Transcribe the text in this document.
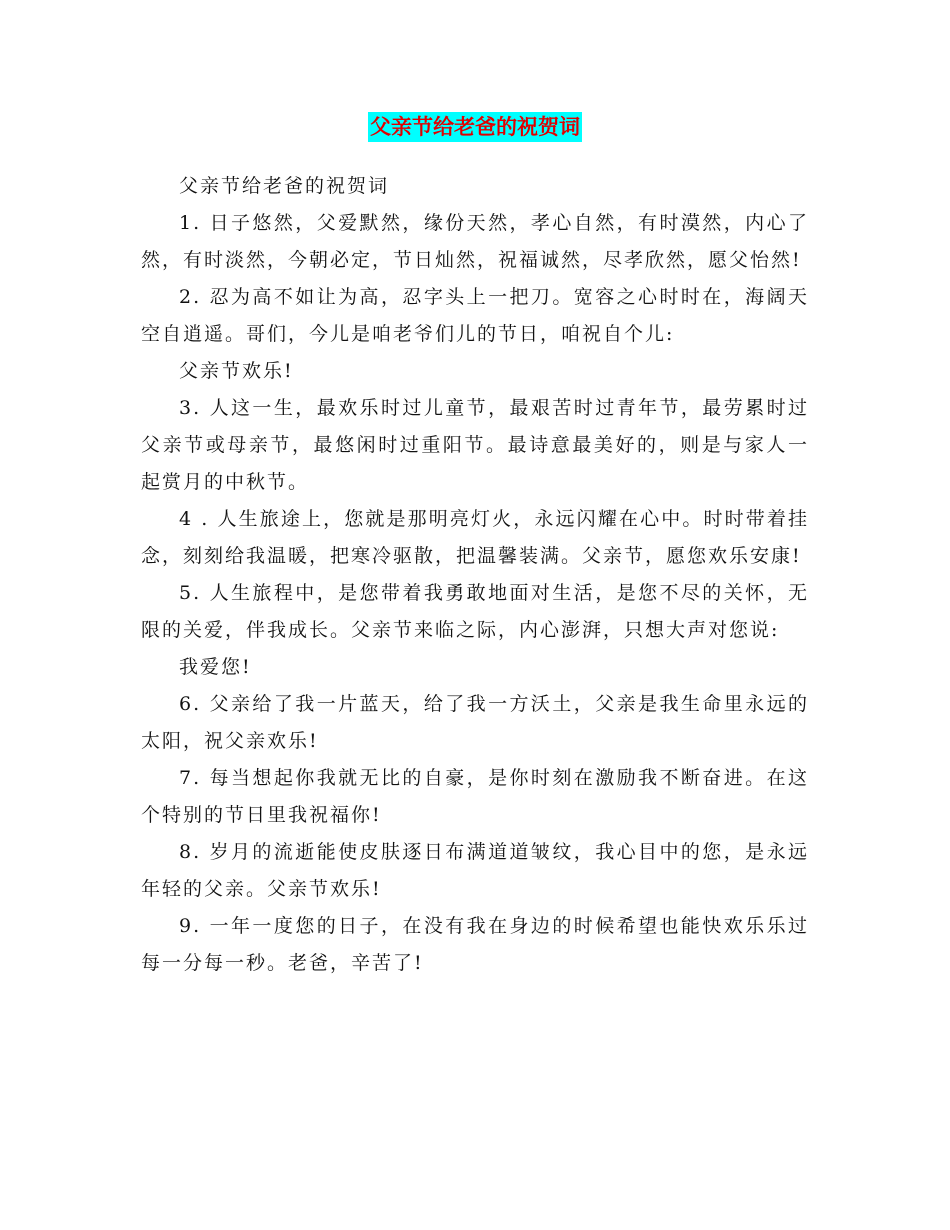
父亲节给老爸的祝贺词

父亲节给老爸的祝贺词

1. 日子悠然，父爱默然，缘份天然，孝心自然，有时漠然，内心了然，有时淡然，今朝必定，节日灿然，祝福诚然，尽孝欣然，愿父怡然!

2. 忍为高不如让为高，忍字头上一把刀。宽容之心时时在，海阔天空自逍遥。哥们，今儿是咱老爷们儿的节日，咱祝自个儿:

父亲节欢乐!

3. 人这一生，最欢乐时过儿童节，最艰苦时过青年节，最劳累时过父亲节或母亲节，最悠闲时过重阳节。最诗意最美好的，则是与家人一起赏月的中秋节。

4 . 人生旅途上，您就是那明亮灯火，永远闪耀在心中。时时带着挂念，刻刻给我温暖，把寒冷驱散，把温馨装满。父亲节，愿您欢乐安康!

5. 人生旅程中，是您带着我勇敢地面对生活，是您不尽的关怀，无限的关爱，伴我成长。父亲节来临之际，内心澎湃，只想大声对您说:

我爱您!

6. 父亲给了我一片蓝天，给了我一方沃土，父亲是我生命里永远的太阳，祝父亲欢乐!

7. 每当想起你我就无比的自豪，是你时刻在激励我不断奋进。在这个特别的节日里我祝福你!

8. 岁月的流逝能使皮肤逐日布满道道皱纹，我心目中的您，是永远年轻的父亲。父亲节欢乐!

9. 一年一度您的日子，在没有我在身边的时候希望也能快欢乐乐过每一分每一秒。老爸，辛苦了!
